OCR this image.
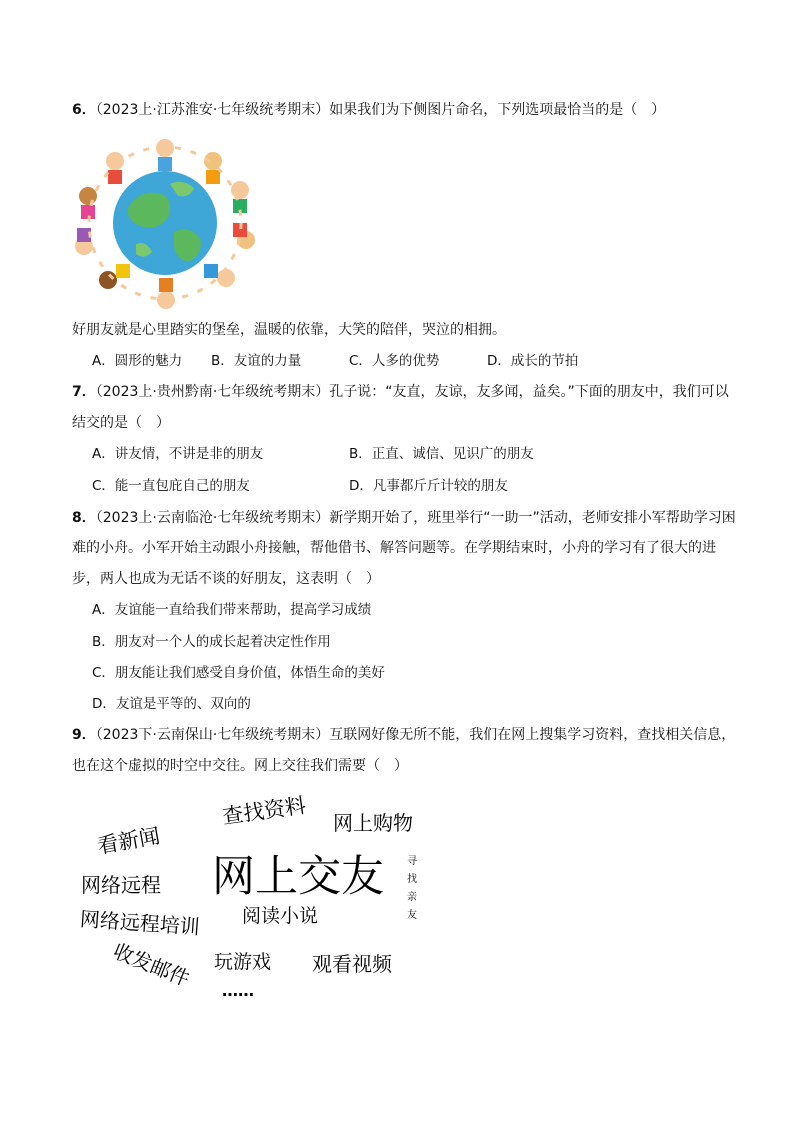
6．（2023上·江苏淮安·七年级统考期末）如果我们为下侧图片命名，下列选项最恰当的是（　）
好朋友就是心里踏实的堡垒，温暖的依靠，大笑的陪伴，哭泣的相拥。
A．圆形的魅力 B．友谊的力量	C．人多的优势	D．成长的节拍
7．（2023上·贵州黔南·七年级统考期末）孔子说：“友直，友谅，友多闻，益矣。”下面的朋友中，我们可以
结交的是（　）
A．讲友情，不讲是非的朋友	B．正直、诚信、见识广的朋友
C．能一直包庇自己的朋友	D．凡事都斤斤计较的朋友
8．（2023上·云南临沧·七年级统考期末）新学期开始了，班里举行“一助一”活动，老师安排小军帮助学习困
难的小舟。小军开始主动跟小舟接触，帮他借书、解答问题等。在学期结束时，小舟的学习有了很大的进
步，两人也成为无话不谈的好朋友，这表明（　）
A．友谊能一直给我们带来帮助，提高学习成绩
B．朋友对一个人的成长起着决定性作用
C．朋友能让我们感受自身价值，体悟生命的美好
D．友谊是平等的、双向的
9．（2023下·云南保山·七年级统考期末）互联网好像无所不能，我们在网上搜集学习资料，查找相关信息，
也在这个虚拟的时空中交往。网上交往我们需要（　）
查找资料 网上购物
看新闻
网上交友 寻找亲友
网络远程
阅读小说
网络远程培训
收发邮件 玩游戏 观看视频
……
